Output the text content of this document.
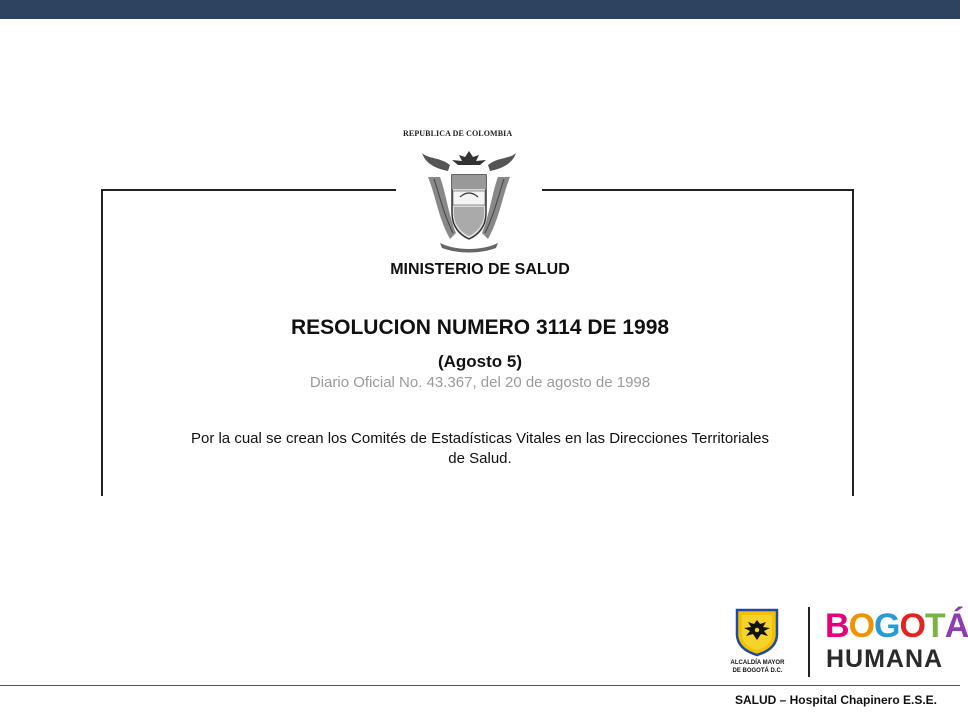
REPUBLICA DE COLOMBIA
MINISTERIO DE SALUD
RESOLUCION NUMERO 3114 DE 1998
(Agosto 5)
Diario Oficial No. 43.367, del 20 de agosto de 1998
Por la cual se crean los Comités de Estadísticas Vitales en las Direcciones Territoriales
de Salud.
ALCALDÍA MAYOR
DE BOGOTÁ D.C.
BOGOTÁ
HUMANA
SALUD – Hospital Chapinero E.S.E.
